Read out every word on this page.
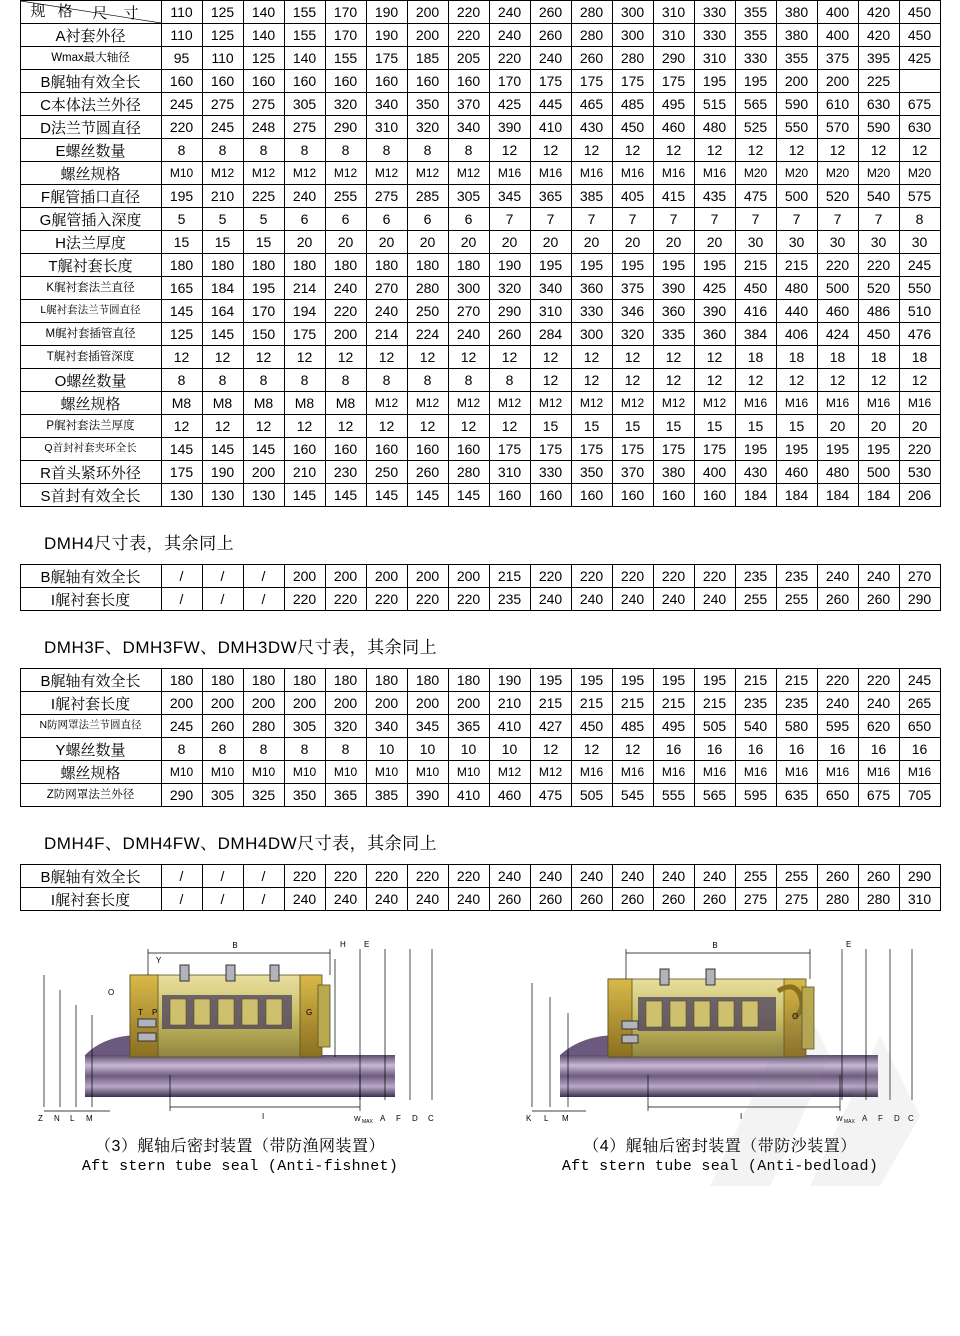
规 格 尺 寸	110	125	140	155	170	190	200	220	240	260	280	300	310	330	355	380	400	420	450
A衬套外径	110	125	140	155	170	190	200	220	240	260	280	300	310	330	355	380	400	420	450
Wmax最大轴径	95	110	125	140	155	175	185	205	220	240	260	280	290	310	330	355	375	395	425
B艉轴有效全长	160	160	160	160	160	160	160	160	170	175	175	175	175	195	195	200	200	225	
C本体法兰外径	245	275	275	305	320	340	350	370	425	445	465	485	495	515	565	590	610	630	675
D法兰节圆直径	220	245	248	275	290	310	320	340	390	410	430	450	460	480	525	550	570	590	630
E螺丝数量	8	8	8	8	8	8	8	8	12	12	12	12	12	12	12	12	12	12	12
螺丝规格	M10	M12	M12	M12	M12	M12	M12	M12	M16	M16	M16	M16	M16	M16	M20	M20	M20	M20	M20
F艉管插口直径	195	210	225	240	255	275	285	305	345	365	385	405	415	435	475	500	520	540	575
G艉管插入深度	5	5	5	6	6	6	6	6	7	7	7	7	7	7	7	7	7	7	8
H法兰厚度	15	15	15	20	20	20	20	20	20	20	20	20	20	20	30	30	30	30	30
T艉衬套长度	180	180	180	180	180	180	180	180	190	195	195	195	195	195	215	215	220	220	245
K艉衬套法兰直径	165	184	195	214	240	270	280	300	320	340	360	375	390	425	450	480	500	520	550
L艉衬套法兰节圆直径	145	164	170	194	220	240	250	270	290	310	330	346	360	390	416	440	460	486	510
M艉衬套插管直径	125	145	150	175	200	214	224	240	260	284	300	320	335	360	384	406	424	450	476
T艉衬套插管深度	12	12	12	12	12	12	12	12	12	12	12	12	12	12	18	18	18	18	18
O螺丝数量	8	8	8	8	8	8	8	8	8	12	12	12	12	12	12	12	12	12	12
螺丝规格	M8	M8	M8	M8	M8	M12	M12	M12	M12	M12	M12	M12	M12	M12	M16	M16	M16	M16	M16
P艉衬套法兰厚度	12	12	12	12	12	12	12	12	12	15	15	15	15	15	15	15	20	20	20
Q首封衬套夹环全长	145	145	145	160	160	160	160	160	175	175	175	175	175	175	195	195	195	195	220
R首头紧环外径	175	190	200	210	230	250	260	280	310	330	350	370	380	400	430	460	480	500	530
S首封有效全长	130	130	130	145	145	145	145	145	160	160	160	160	160	160	184	184	184	184	206
DMH4尺寸表，其余同上
B艉轴有效全长	/	/	/	200	200	200	200	200	215	220	220	220	220	220	235	235	240	240	270
I艉衬套长度	/	/	/	220	220	220	220	220	235	240	240	240	240	240	255	255	260	260	290
DMH3F、DMH3FW、DMH3DW尺寸表，其余同上
B艉轴有效全长	180	180	180	180	180	180	180	180	190	195	195	195	195	195	215	215	220	220	245
I艉衬套长度	200	200	200	200	200	200	200	200	210	215	215	215	215	215	235	235	240	240	265
N防网罩法兰节圆直径	245	260	280	305	320	340	345	365	410	427	450	485	495	505	540	580	595	620	650
Y螺丝数量	8	8	8	8	8	10	10	10	10	12	12	12	16	16	16	16	16	16	16
螺丝规格	M10	M10	M10	M10	M10	M10	M10	M10	M12	M12	M16	M16	M16	M16	M16	M16	M16	M16	M16
Z防网罩法兰外径	290	305	325	350	365	385	390	410	460	475	505	545	555	565	595	635	650	675	705
DMH4F、DMH4FW、DMH4DW尺寸表，其余同上
B艉轴有效全长	/	/	/	220	220	220	220	220	240	240	240	240	240	240	255	255	260	260	290
I艉衬套长度	/	/	/	240	240	240	240	240	260	260	260	260	260	260	275	275	280	280	310
B	H E
Y
O
T P	G
I
Z N L M	W MAX A F D C
（3）艉轴后密封装置（带防渔网装置）
Aft stern tube seal (Anti-fishnet)
B	E
O
I
K L M	W MAX A F D C
（4）艉轴后密封装置（带防沙装置）
Aft stern tube seal (Anti-bedload)
